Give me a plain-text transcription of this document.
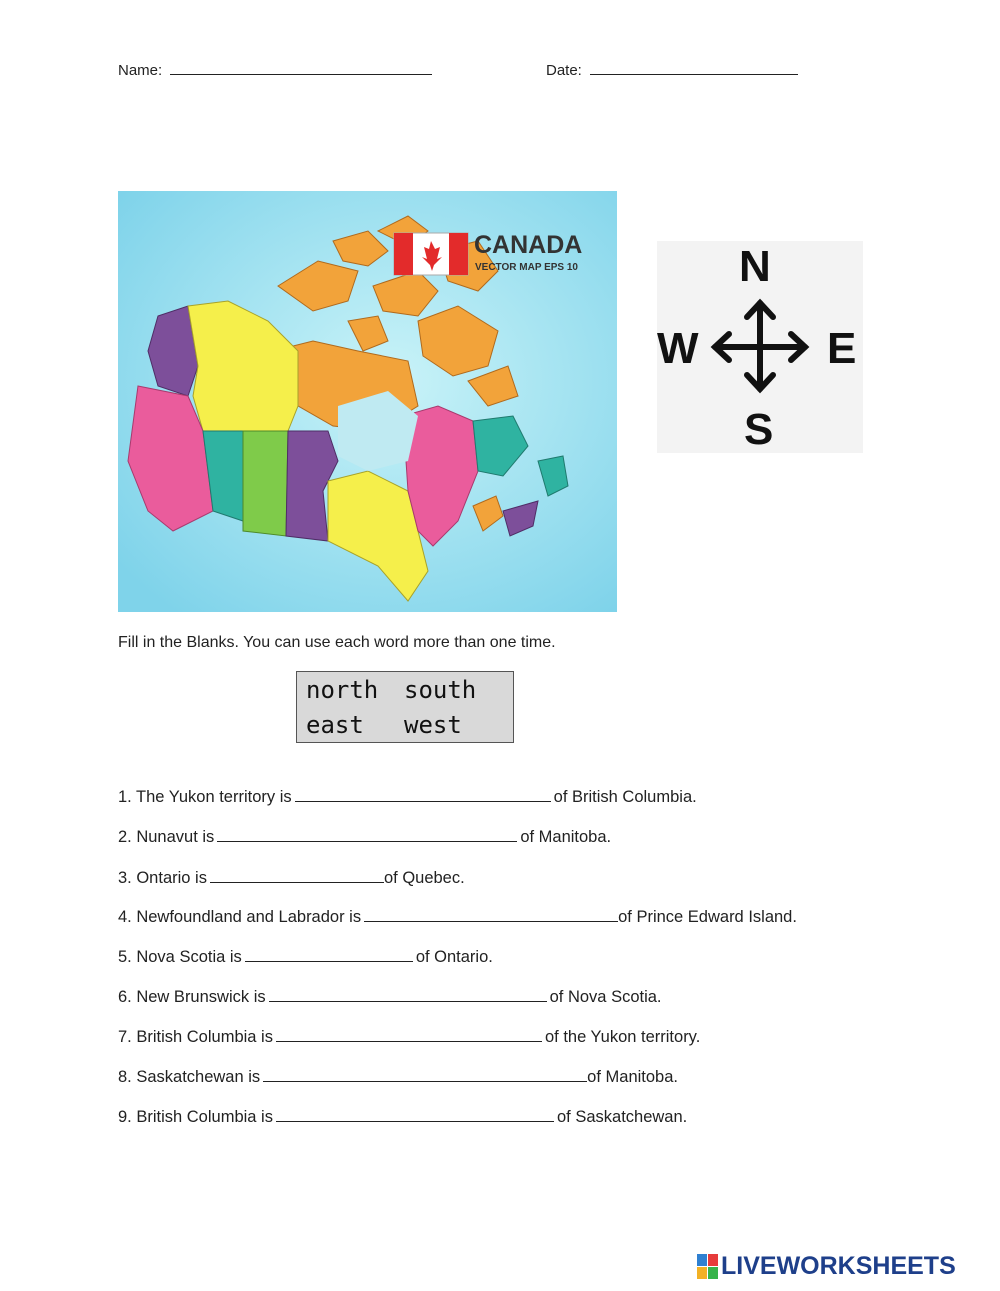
Name:	Date:
CANADA
VECTOR MAP EPS 10	N
S
W	E
Fill in the Blanks. You can use each word more than one time.
north south
east west
1. The Yukon territory is	of British Columbia.
2. Nunavut is	of Manitoba.
3. Ontario is	of Quebec.
4. Newfoundland and Labrador is	of Prince Edward Island.
5. Nova Scotia is	of Ontario.
6. New Brunswick is	of Nova Scotia.
7. British Columbia is	of the Yukon territory.
8. Saskatchewan is	of Manitoba.
9. British Columbia is	of Saskatchewan.
LIVEWORKSHEETS
